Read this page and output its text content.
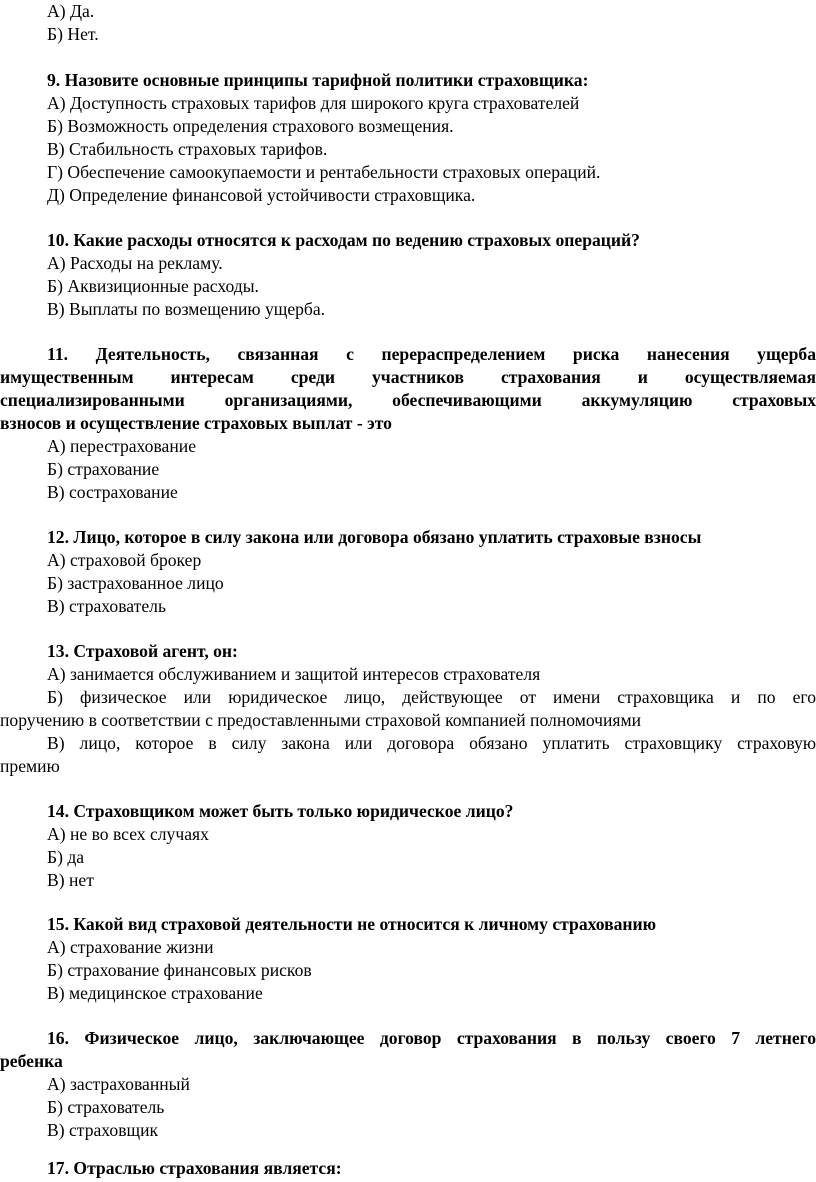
А) Да.
Б) Нет.
9. Назовите основные принципы тарифной политики страховщика:
А) Доступность страховых тарифов для широкого круга страхователей
Б) Возможность определения страхового возмещения.
В) Стабильность страховых тарифов.
Г) Обеспечение самоокупаемости и рентабельности страховых операций.
Д) Определение финансовой устойчивости страховщика.
10. Какие расходы относятся к расходам по ведению страховых операций?
А) Расходы на рекламу.
Б) Аквизиционные расходы.
В) Выплаты по возмещению ущерба.
11. Деятельность, связанная с перераспределением риска нанесения ущерба
имущественным интересам среди участников страхования и осуществляемая
специализированными организациями, обеспечивающими аккумуляцию страховых
взносов и осуществление страховых выплат - это
А) перестрахование
Б) страхование
В) сострахование
12. Лицо, которое в силу закона или договора обязано уплатить страховые взносы
А) страховой брокер
Б) застрахованное лицо
В) страхователь
13. Страховой агент, он:
А) занимается обслуживанием и защитой интересов страхователя
Б) физическое или юридическое лицо, действующее от имени страховщика и по его
поручению в соответствии с предоставленными страховой компанией полномочиями
В) лицо, которое в силу закона или договора обязано уплатить страховщику страховую
премию
14. Страховщиком может быть только юридическое лицо?
А) не во всех случаях
Б) да
В) нет
15. Какой вид страховой деятельности не относится к личному страхованию
А) страхование жизни
Б) страхование финансовых рисков
В) медицинское страхование
16. Физическое лицо, заключающее договор страхования в пользу своего 7 летнего
ребенка
А) застрахованный
Б) страхователь
В) страховщик
17. Отраслью страхования является:
